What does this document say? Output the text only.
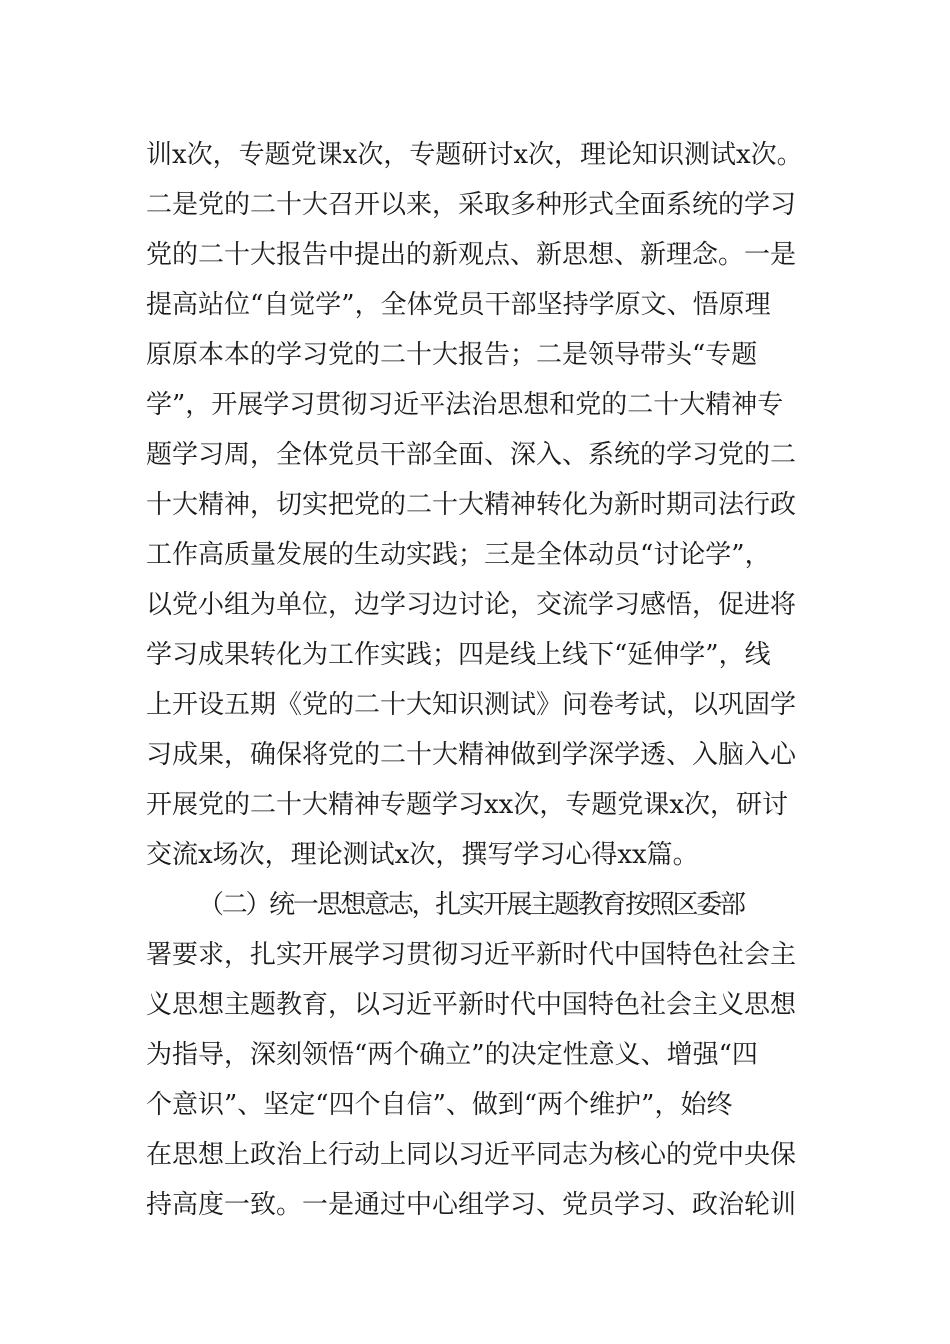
训x次，专题党课x次，专题研讨x次，理论知识测试x次。
二是党的二十大召开以来，采取多种形式全面系统的学习
党的二十大报告中提出的新观点、新思想、新理念。一是
提高站位“自觉学”，全体党员干部坚持学原文、悟原理
原原本本的学习党的二十大报告；二是领导带头“专题
学”，开展学习贯彻习近平法治思想和党的二十大精神专
题学习周，全体党员干部全面、深入、系统的学习党的二
十大精神，切实把党的二十大精神转化为新时期司法行政
工作高质量发展的生动实践；三是全体动员“讨论学”，
以党小组为单位，边学习边讨论，交流学习感悟，促进将
学习成果转化为工作实践；四是线上线下“延伸学”，线
上开设五期《党的二十大知识测试》问卷考试，以巩固学
习成果，确保将党的二十大精神做到学深学透、入脑入心
开展党的二十大精神专题学习xx次，专题党课x次，研讨
交流x场次，理论测试x次，撰写学习心得xx篇。
（二）统一思想意志，扎实开展主题教育按照区委部
署要求，扎实开展学习贯彻习近平新时代中国特色社会主
义思想主题教育，以习近平新时代中国特色社会主义思想
为指导，深刻领悟“两个确立”的决定性意义、增强“四
个意识”、坚定“四个自信”、做到“两个维护”，始终
在思想上政治上行动上同以习近平同志为核心的党中央保
持高度一致。一是通过中心组学习、党员学习、政治轮训
